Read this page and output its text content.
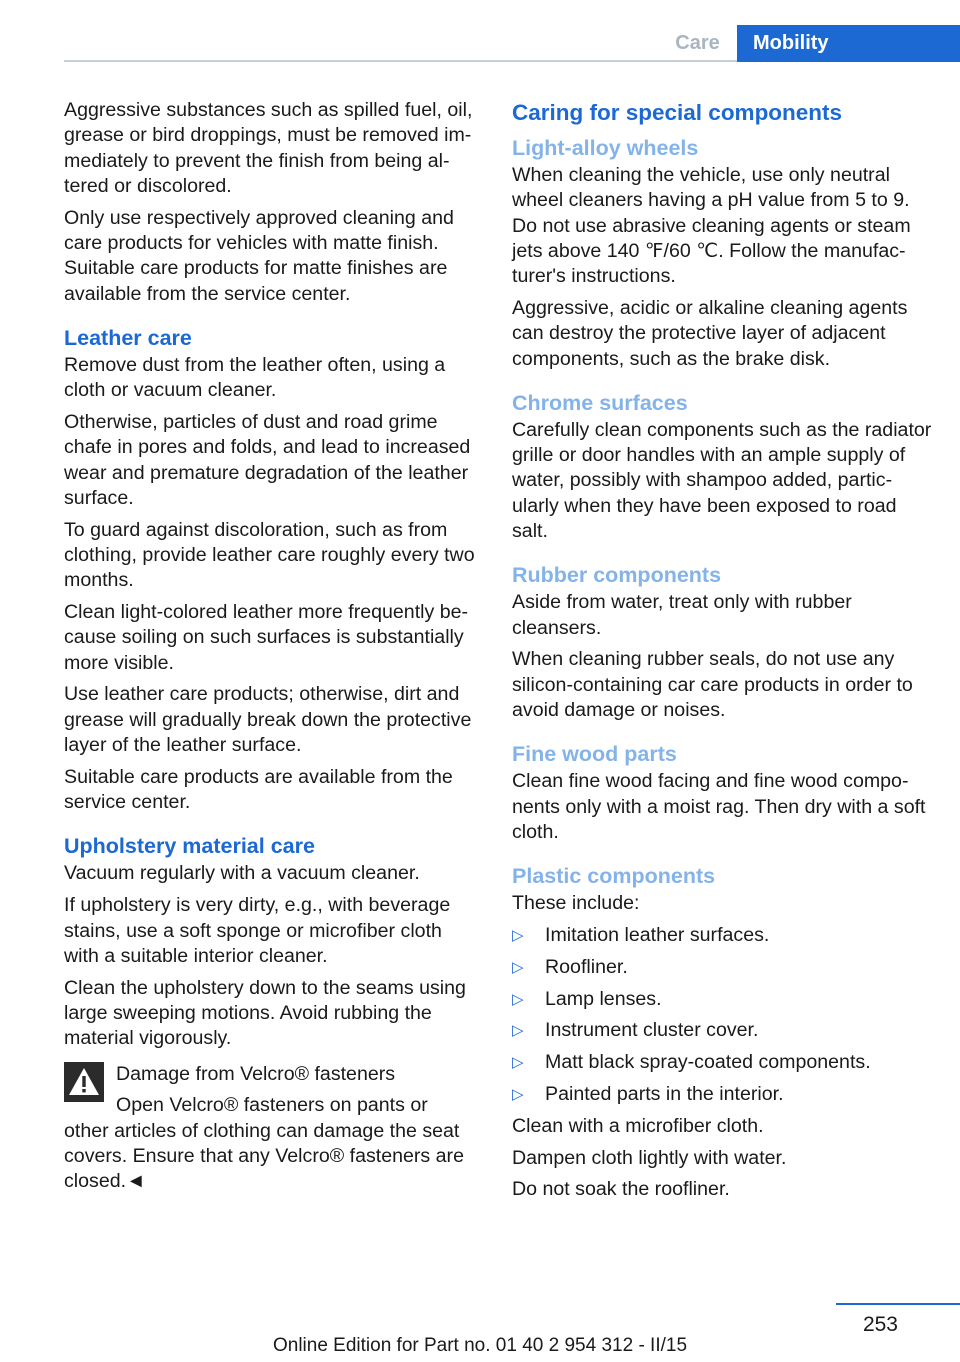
Care	Mobility

Aggressive substances such as spilled fuel, oil, grease or bird droppings, must be removed immediately to prevent the finish from being altered or discolored.

Only use respectively approved cleaning and care products for vehicles with matte finish. Suitable care products for matte finishes are available from the service center.

Leather care

Remove dust from the leather often, using a cloth or vacuum cleaner.

Otherwise, particles of dust and road grime chafe in pores and folds, and lead to increased wear and premature degradation of the leather surface.

To guard against discoloration, such as from clothing, provide leather care roughly every two months.

Clean light-colored leather more frequently because soiling on such surfaces is substantially more visible.

Use leather care products; otherwise, dirt and grease will gradually break down the protective layer of the leather surface.

Suitable care products are available from the service center.

Upholstery material care

Vacuum regularly with a vacuum cleaner.

If upholstery is very dirty, e.g., with beverage stains, use a soft sponge or microfiber cloth with a suitable interior cleaner.

Clean the upholstery down to the seams using large sweeping motions. Avoid rubbing the material vigorously.

Damage from Velcro® fasteners

Open Velcro® fasteners on pants or
other articles of clothing can damage the seat covers. Ensure that any Velcro® fasteners are closed.◄
Caring for special components
Light-alloy wheels

When cleaning the vehicle, use only neutral wheel cleaners having a pH value from 5 to 9. Do not use abrasive cleaning agents or steam jets above 140 ℉/60 ℃. Follow the manufacturer's instructions.

Aggressive, acidic or alkaline cleaning agents can destroy the protective layer of adjacent components, such as the brake disk.

Chrome surfaces

Carefully clean components such as the radiator grille or door handles with an ample supply of water, possibly with shampoo added, particularly when they have been exposed to road salt.

Rubber components

Aside from water, treat only with rubber cleansers.

When cleaning rubber seals, do not use any silicon-containing car care products in order to avoid damage or noises.

Fine wood parts

Clean fine wood facing and fine wood components only with a moist rag. Then dry with a soft cloth.

Plastic components

These include:

▷ Imitation leather surfaces.
▷ Roofliner.
▷ Lamp lenses.
▷ Instrument cluster cover.
▷ Matt black spray-coated components.
▷ Painted parts in the interior.

Clean with a microfiber cloth.

Dampen cloth lightly with water.

Do not soak the roofliner.

253
Online Edition for Part no. 01 40 2 954 312 - II/15
